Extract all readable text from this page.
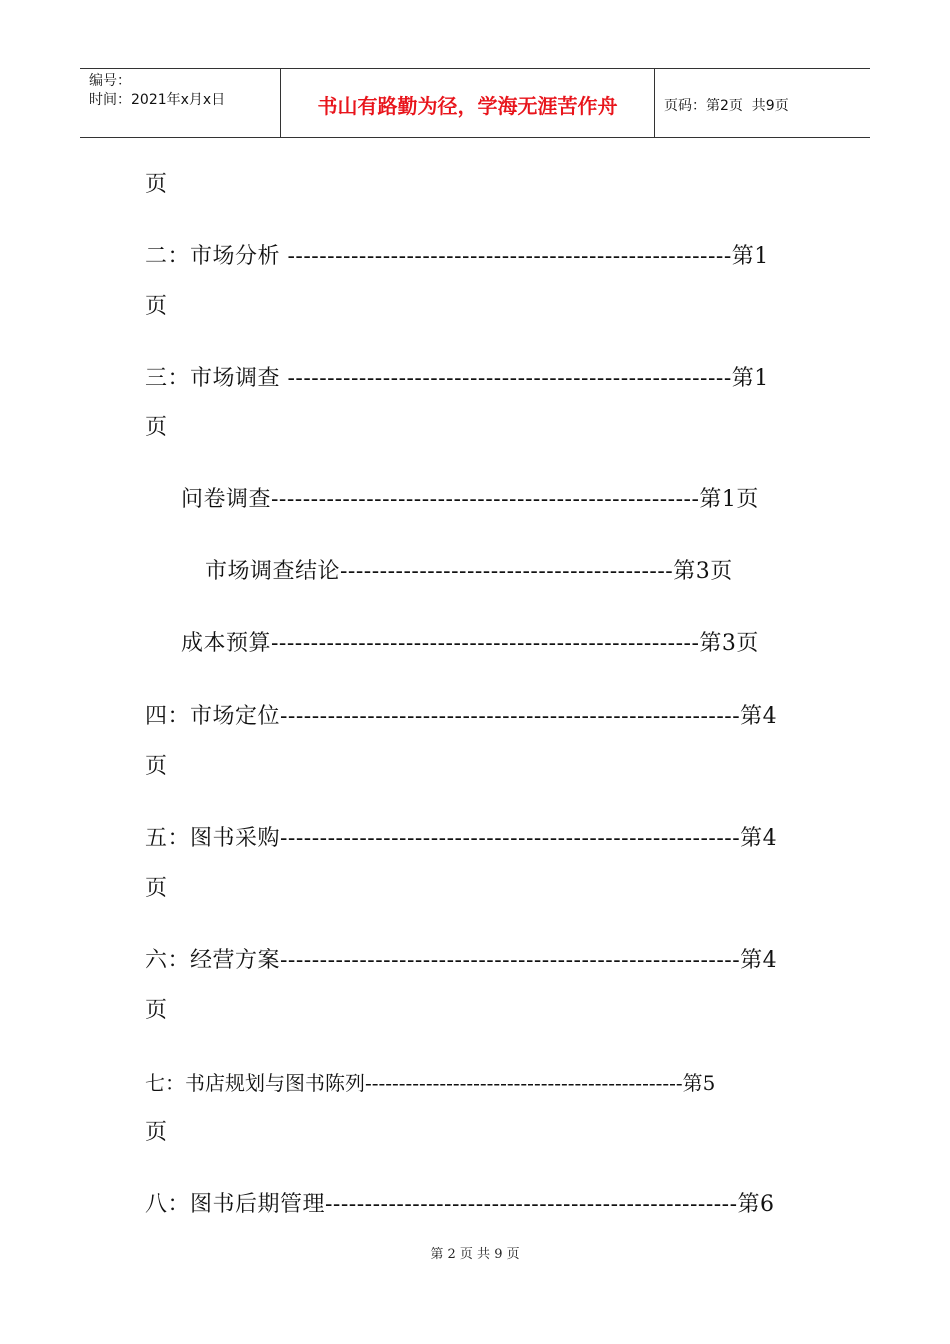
编号：
时间：2021年x月x日	书山有路勤为径，学海无涯苦作舟	页码：第2页  共9页
页
二：市场分析 --------------------------------------------------------第1
页
三：市场调查 --------------------------------------------------------第1
页
问卷调查------------------------------------------------------第1页
市场调查结论------------------------------------------第3页
成本预算------------------------------------------------------第3页
四：市场定位----------------------------------------------------------第4
页
五：图书采购----------------------------------------------------------第4
页
六：经营方案----------------------------------------------------------第4
页
七：书店规划与图书陈列-----------------------------------------------第5
页
八：图书后期管理----------------------------------------------------第6
第 2 页 共 9 页
